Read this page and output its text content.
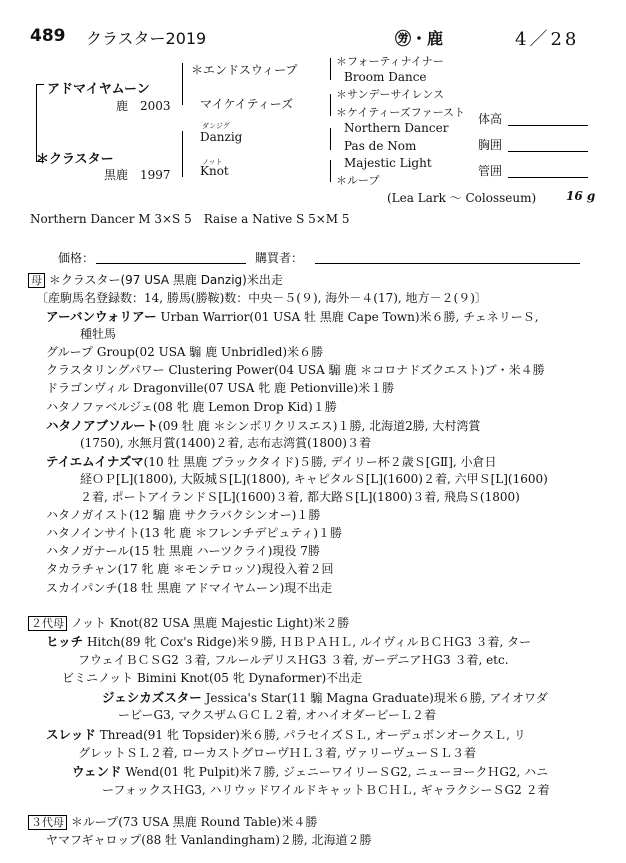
489 クラスター2019	㊘・鹿	4／28
アドマイヤムーン
鹿　2003
＊クラスター
黒鹿　1997
＊エンドスウィープ
マイケイティーズ
ダンジグ
Danzig
ノット
Knot
＊フォーティナイナー
Broom Dance
＊サンデーサイレンス
＊ケイティーズファースト
Northern Dancer
Pas de Nom
Majestic Light
＊ループ
(Lea Lark 〜 Colosseum) 16 g
体高
胸囲
管囲
Northern Dancer M 3×S 5　Raise a Native S 5×M 5
価格：	購買者：
母 ＊クラスター(97 USA 黒鹿 Danzig)米出走
〔産駒馬名登録数：14, 勝馬(勝鞍)数：中央－５(９), 海外－４(17), 地方－２(９)〕
アーバンウォリアー Urban Warrior(01 USA 牡 黒鹿 Cape Town)米６勝, チェネリーＳ,
種牡馬
グループ Group(02 USA 騸 鹿 Unbridled)米６勝
クラスタリングパワー Clustering Power(04 USA 騸 鹿 ＊コロナドズクエスト)ブ・米４勝
ドラゴンヴィル Dragonville(07 USA 牝 鹿 Petionville)米１勝
ハタノファベルジェ(08 牝 鹿 Lemon Drop Kid)１勝
ハタノアブソルート(09 牡 鹿 ＊シンボリクリスエス)１勝, 北海道2勝, 大村湾賞
(1750), 水無月賞(1400)２着, 志布志湾賞(1800)３着
テイエムイナズマ(10 牡 黒鹿 ブラックタイド)５勝, デイリー杯２歳Ｓ[GⅡ], 小倉日
経ＯＰ[L](1800), 大阪城Ｓ[L](1800), キャピタルＳ[L](1600)２着, 六甲Ｓ[L](1600)
２着, ポートアイランドＳ[L](1600)３着, 都大路Ｓ[L](1800)３着, 飛鳥Ｓ(1800)
ハタノガイスト(12 騸 鹿 サクラバクシンオー)１勝
ハタノインサイト(13 牝 鹿 ＊フレンチデピュティ)１勝
ハタノガナール(15 牡 黒鹿 ハーツクライ)現役 7勝
タカラチャン(17 牝 鹿 ＊モンテロッソ)現役入着２回
スカイパンチ(18 牡 黒鹿 アドマイヤムーン)現不出走
２代母 ノット Knot(82 USA 黒鹿 Majestic Light)米２勝
ヒッチ Hitch(89 牝 Cox's Ridge)米９勝, ＨＢＰＡＨＬ, ルイヴィルＢＣＨG3 ３着, ター
フウェイＢＣＳG2 ３着, フルールデリスＨG3 ３着, ガーデニアＨG3 ３着, etc.
ビミニノット Bimini Knot(05 牝 Dynaformer)不出走
ジェシカズスター Jessica's Star(11 騸 Magna Graduate)現米６勝, アイオワダ
ービーG3, マクスザムＧＣＬ２着, オハイオダービーＬ２着
スレッド Thread(91 牝 Topsider)米６勝, パラセイズＳＬ, オーデュボンオークスＬ, リ
グレットＳＬ２着, ローカストグローヴＨＬ３着, ヴァリーヴューＳＬ３着
ウェンド Wend(01 牝 Pulpit)米７勝, ジェニーワイリーＳG2, ニューヨークＨG2, ハニ
ーフォックスＨG3, ハリウッドワイルドキャットＢＣＨＬ, ギャラクシーＳG2 ２着
３代母 ＊ループ(73 USA 黒鹿 Round Table)米４勝
ヤマフギャロップ(88 牡 Vanlandingham)２勝, 北海道２勝
